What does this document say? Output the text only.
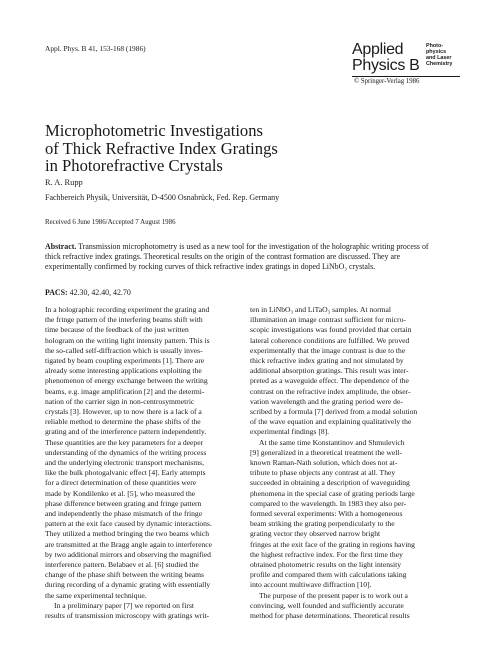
Appl. Phys. B 41, 153-168 (1986)	Applied
Physics B
Photo-
physics
and Laser
Chemistry
© Springer-Verlag 1986
Microphotometric Investigations
of Thick Refractive Index Gratings
in Photorefractive Crystals
R. A. Rupp
Fachbereich Physik, Universität, D-4500 Osnabrück, Fed. Rep. Germany
Received 6 June 1986/Accepted 7 August 1986
Abstract. Transmission microphotometry is used as a new tool for the investigation of the holographic writing process of thick refractive index gratings. Theoretical results on the origin of the contrast formation are discussed. They are experimentally confirmed by rocking curves of thick refractive index gratings in doped LiNbO₃ crystals.
PACS: 42.30, 42.40, 42.70

In a holographic recording experiment the grating and
the fringe pattern of the interfering beams shift with
time because of the feedback of the just written
hologram on the writing light intensity pattern. This is
the so-called self-diffraction which is usually inves-
tigated by beam coupling experiments [1]. There are
already some interesting applications exploiting the
phenomenon of energy exchange between the writing
beams, e.g. image amplification [2] and the determi-
nation of the carrier sign in non-centrosymmetric
crystals [3]. However, up to now there is a lack of a
reliable method to determine the phase shifts of the
grating and of the interference pattern independently.
These quantities are the key parameters for a deeper
understanding of the dynamics of the writing process
and the underlying electronic transport mechanisms,
like the bulk photogalvanic effect [4]. Early attempts
for a direct determination of these quantities were
made by Kondilenko et al. [5], who measured the
phase difference between grating and fringe pattern
and independently the phase mismatch of the fringe
pattern at the exit face caused by dynamic interactions.
They utilized a method bringing the two beams which
are transmitted at the Bragg angle again to interference
by two additional mirrors and observing the magnified
interference pattern. Belabaev et al. [6] studied the
change of the phase shift between the writing beams
during recording of a dynamic grating with essentially
the same experimental technique.

In a preliminary paper [7] we reported on first
results of transmission microscopy with gratings writ-

ten in LiNbO₃ and LiTaO₃ samples. At normal
illumination an image contrast sufficient for micro-
scopic investigations was found provided that certain
lateral coherence conditions are fulfilled. We proved
experimentally that the image contrast is due to the
thick refractive index grating and not simulated by
additional absorption gratings. This result was inter-
preted as a waveguide effect. The dependence of the
contrast on the refractive index amplitude, the obser-
vation wavelength and the grating period were de-
scribed by a formula [7] derived from a modal solution
of the wave equation and explaining qualitatively the
experimental findings [8].

At the same time Konstantinov and Shmulevich
[9] generalized in a theoretical treatment the well-
known Raman-Nath solution, which does not at-
tribute to phase objects any contrast at all. They
succeeded in obtaining a description of waveguiding
phenomena in the special case of grating periods large
compared to the wavelength. In 1983 they also per-
formed several experiments: With a homogeneous
beam striking the grating perpendicularly to the
grating vector they observed narrow bright
fringes at the exit face of the grating in regions having
the highest refractive index. For the first time they
obtained photometric results on the light intensity
profile and compared them with calculations taking
into account multiwave diffraction [10].

The purpose of the present paper is to work out a
convincing, well founded and sufficiently accurate
method for phase determinations. Theoretical results
